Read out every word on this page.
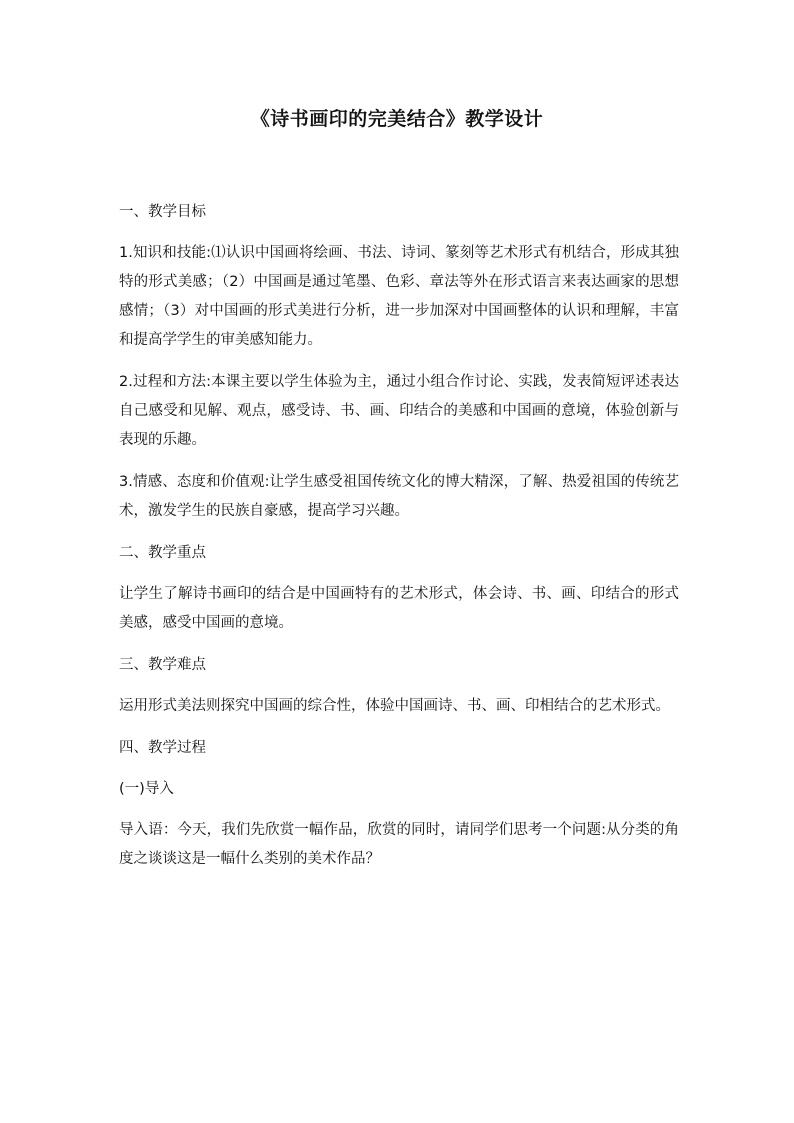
《诗书画印的完美结合》教学设计
一、教学目标
1.知识和技能:⑴认识中国画将绘画、书法、诗词、篆刻等艺术形式有机结合，形成其独特的形式美感；（2）中国画是通过笔墨、色彩、章法等外在形式语言来表达画家的思想感情；（3）对中国画的形式美进行分析，进一步加深对中国画整体的认识和理解，丰富和提高学学生的审美感知能力。
2.过程和方法:本课主要以学生体验为主，通过小组合作讨论、实践，发表简短评述表达自己感受和见解、观点，感受诗、书、画、印结合的美感和中国画的意境，体验创新与表现的乐趣。
3.情感、态度和价值观:让学生感受祖国传统文化的博大精深，了解、热爱祖国的传统艺术，激发学生的民族自豪感，提高学习兴趣。
二、教学重点
让学生了解诗书画印的结合是中国画特有的艺术形式，体会诗、书、画、印结合的形式美感，感受中国画的意境。
三、教学难点
运用形式美法则探究中国画的综合性，体验中国画诗、书、画、印相结合的艺术形式。
四、教学过程
(一)导入
导入语：今天，我们先欣赏一幅作品，欣赏的同时，请同学们思考一个问题:从分类的角度之谈谈这是一幅什么类别的美术作品？
